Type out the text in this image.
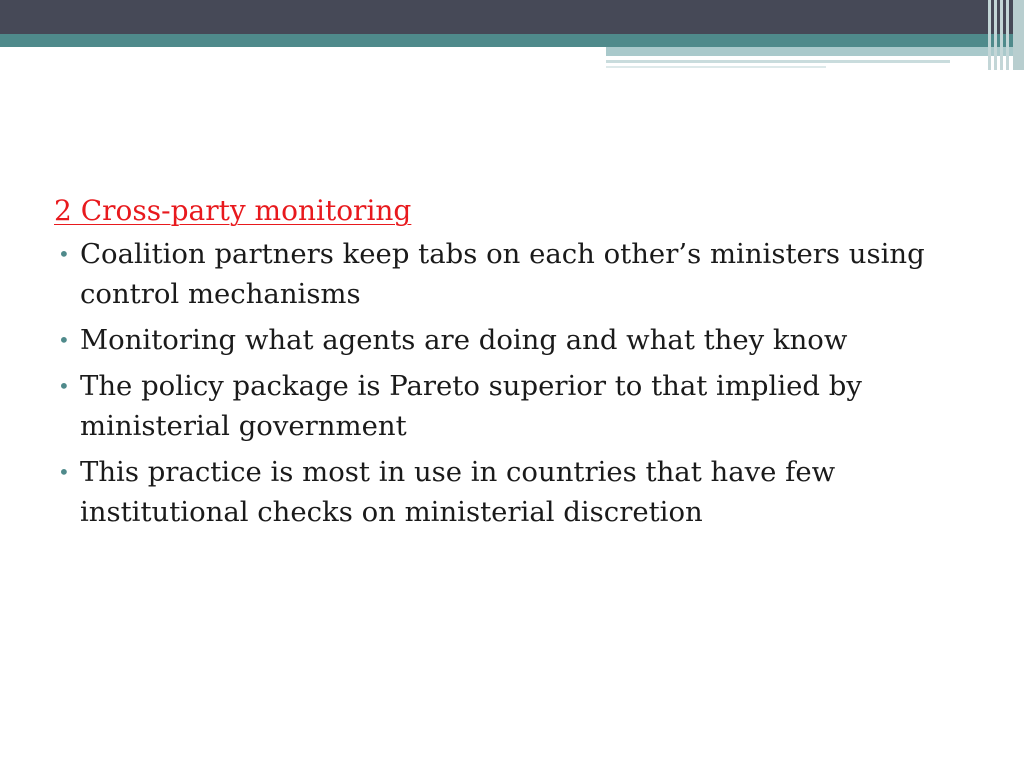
2 Cross-party monitoring
• Coalition partners keep tabs on each other’s ministers using control mechanisms
• Monitoring what agents are doing and what they know
• The policy package is Pareto superior to that implied by ministerial government
• This practice is most in use in countries that have few institutional checks on ministerial discretion
